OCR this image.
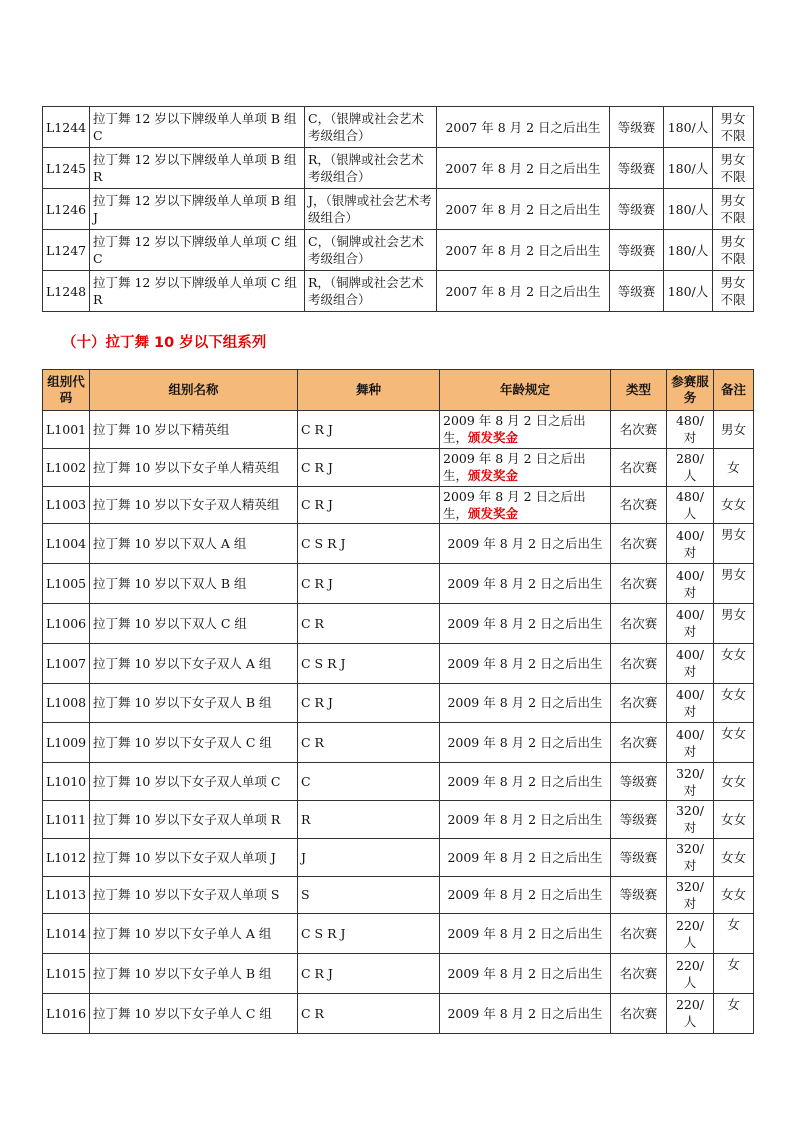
L1244	拉丁舞 12 岁以下牌级单人单项 B 组 C	C，（银牌或社会艺术考级组合）	2007 年 8 月 2 日之后出生	等级赛	180/人	男女不限
L1245	拉丁舞 12 岁以下牌级单人单项 B 组 R	R，（银牌或社会艺术考级组合）	2007 年 8 月 2 日之后出生	等级赛	180/人	男女不限
L1246	拉丁舞 12 岁以下牌级单人单项 B 组 J	J，（银牌或社会艺术考级组合）	2007 年 8 月 2 日之后出生	等级赛	180/人	男女不限
L1247	拉丁舞 12 岁以下牌级单人单项 C 组 C	C，（铜牌或社会艺术考级组合）	2007 年 8 月 2 日之后出生	等级赛	180/人	男女不限
L1248	拉丁舞 12 岁以下牌级单人单项 C 组 R	R，（铜牌或社会艺术考级组合）	2007 年 8 月 2 日之后出生	等级赛	180/人	男女不限
（十）拉丁舞 10 岁以下组系列
组别代码	组别名称	舞种	年龄规定	类型	参赛服务	备注
L1001	拉丁舞 10 岁以下精英组	C R J	2009 年 8 月 2 日之后出生，颁发奖金	名次赛	480/对	男女
L1002	拉丁舞 10 岁以下女子单人精英组	C R J	2009 年 8 月 2 日之后出生，颁发奖金	名次赛	280/人	女
L1003	拉丁舞 10 岁以下女子双人精英组	C R J	2009 年 8 月 2 日之后出生，颁发奖金	名次赛	480/人	女女
L1004	拉丁舞 10 岁以下双人 A 组	C S R J	2009 年 8 月 2 日之后出生	名次赛	400/对	男女
L1005	拉丁舞 10 岁以下双人 B 组	C R J	2009 年 8 月 2 日之后出生	名次赛	400/对	男女
L1006	拉丁舞 10 岁以下双人 C 组	C R	2009 年 8 月 2 日之后出生	名次赛	400/对	男女
L1007	拉丁舞 10 岁以下女子双人 A 组	C S R J	2009 年 8 月 2 日之后出生	名次赛	400/对	女女
L1008	拉丁舞 10 岁以下女子双人 B 组	C R J	2009 年 8 月 2 日之后出生	名次赛	400/对	女女
L1009	拉丁舞 10 岁以下女子双人 C 组	C R	2009 年 8 月 2 日之后出生	名次赛	400/对	女女
L1010	拉丁舞 10 岁以下女子双人单项 C	C	2009 年 8 月 2 日之后出生	等级赛	320/对	女女
L1011	拉丁舞 10 岁以下女子双人单项 R	R	2009 年 8 月 2 日之后出生	等级赛	320/对	女女
L1012	拉丁舞 10 岁以下女子双人单项 J	J	2009 年 8 月 2 日之后出生	等级赛	320/对	女女
L1013	拉丁舞 10 岁以下女子双人单项 S	S	2009 年 8 月 2 日之后出生	等级赛	320/对	女女
L1014	拉丁舞 10 岁以下女子单人 A 组	C S R J	2009 年 8 月 2 日之后出生	名次赛	220/人	女
L1015	拉丁舞 10 岁以下女子单人 B 组	C R J	2009 年 8 月 2 日之后出生	名次赛	220/人	女
L1016	拉丁舞 10 岁以下女子单人 C 组	C R	2009 年 8 月 2 日之后出生	名次赛	220/人	女
